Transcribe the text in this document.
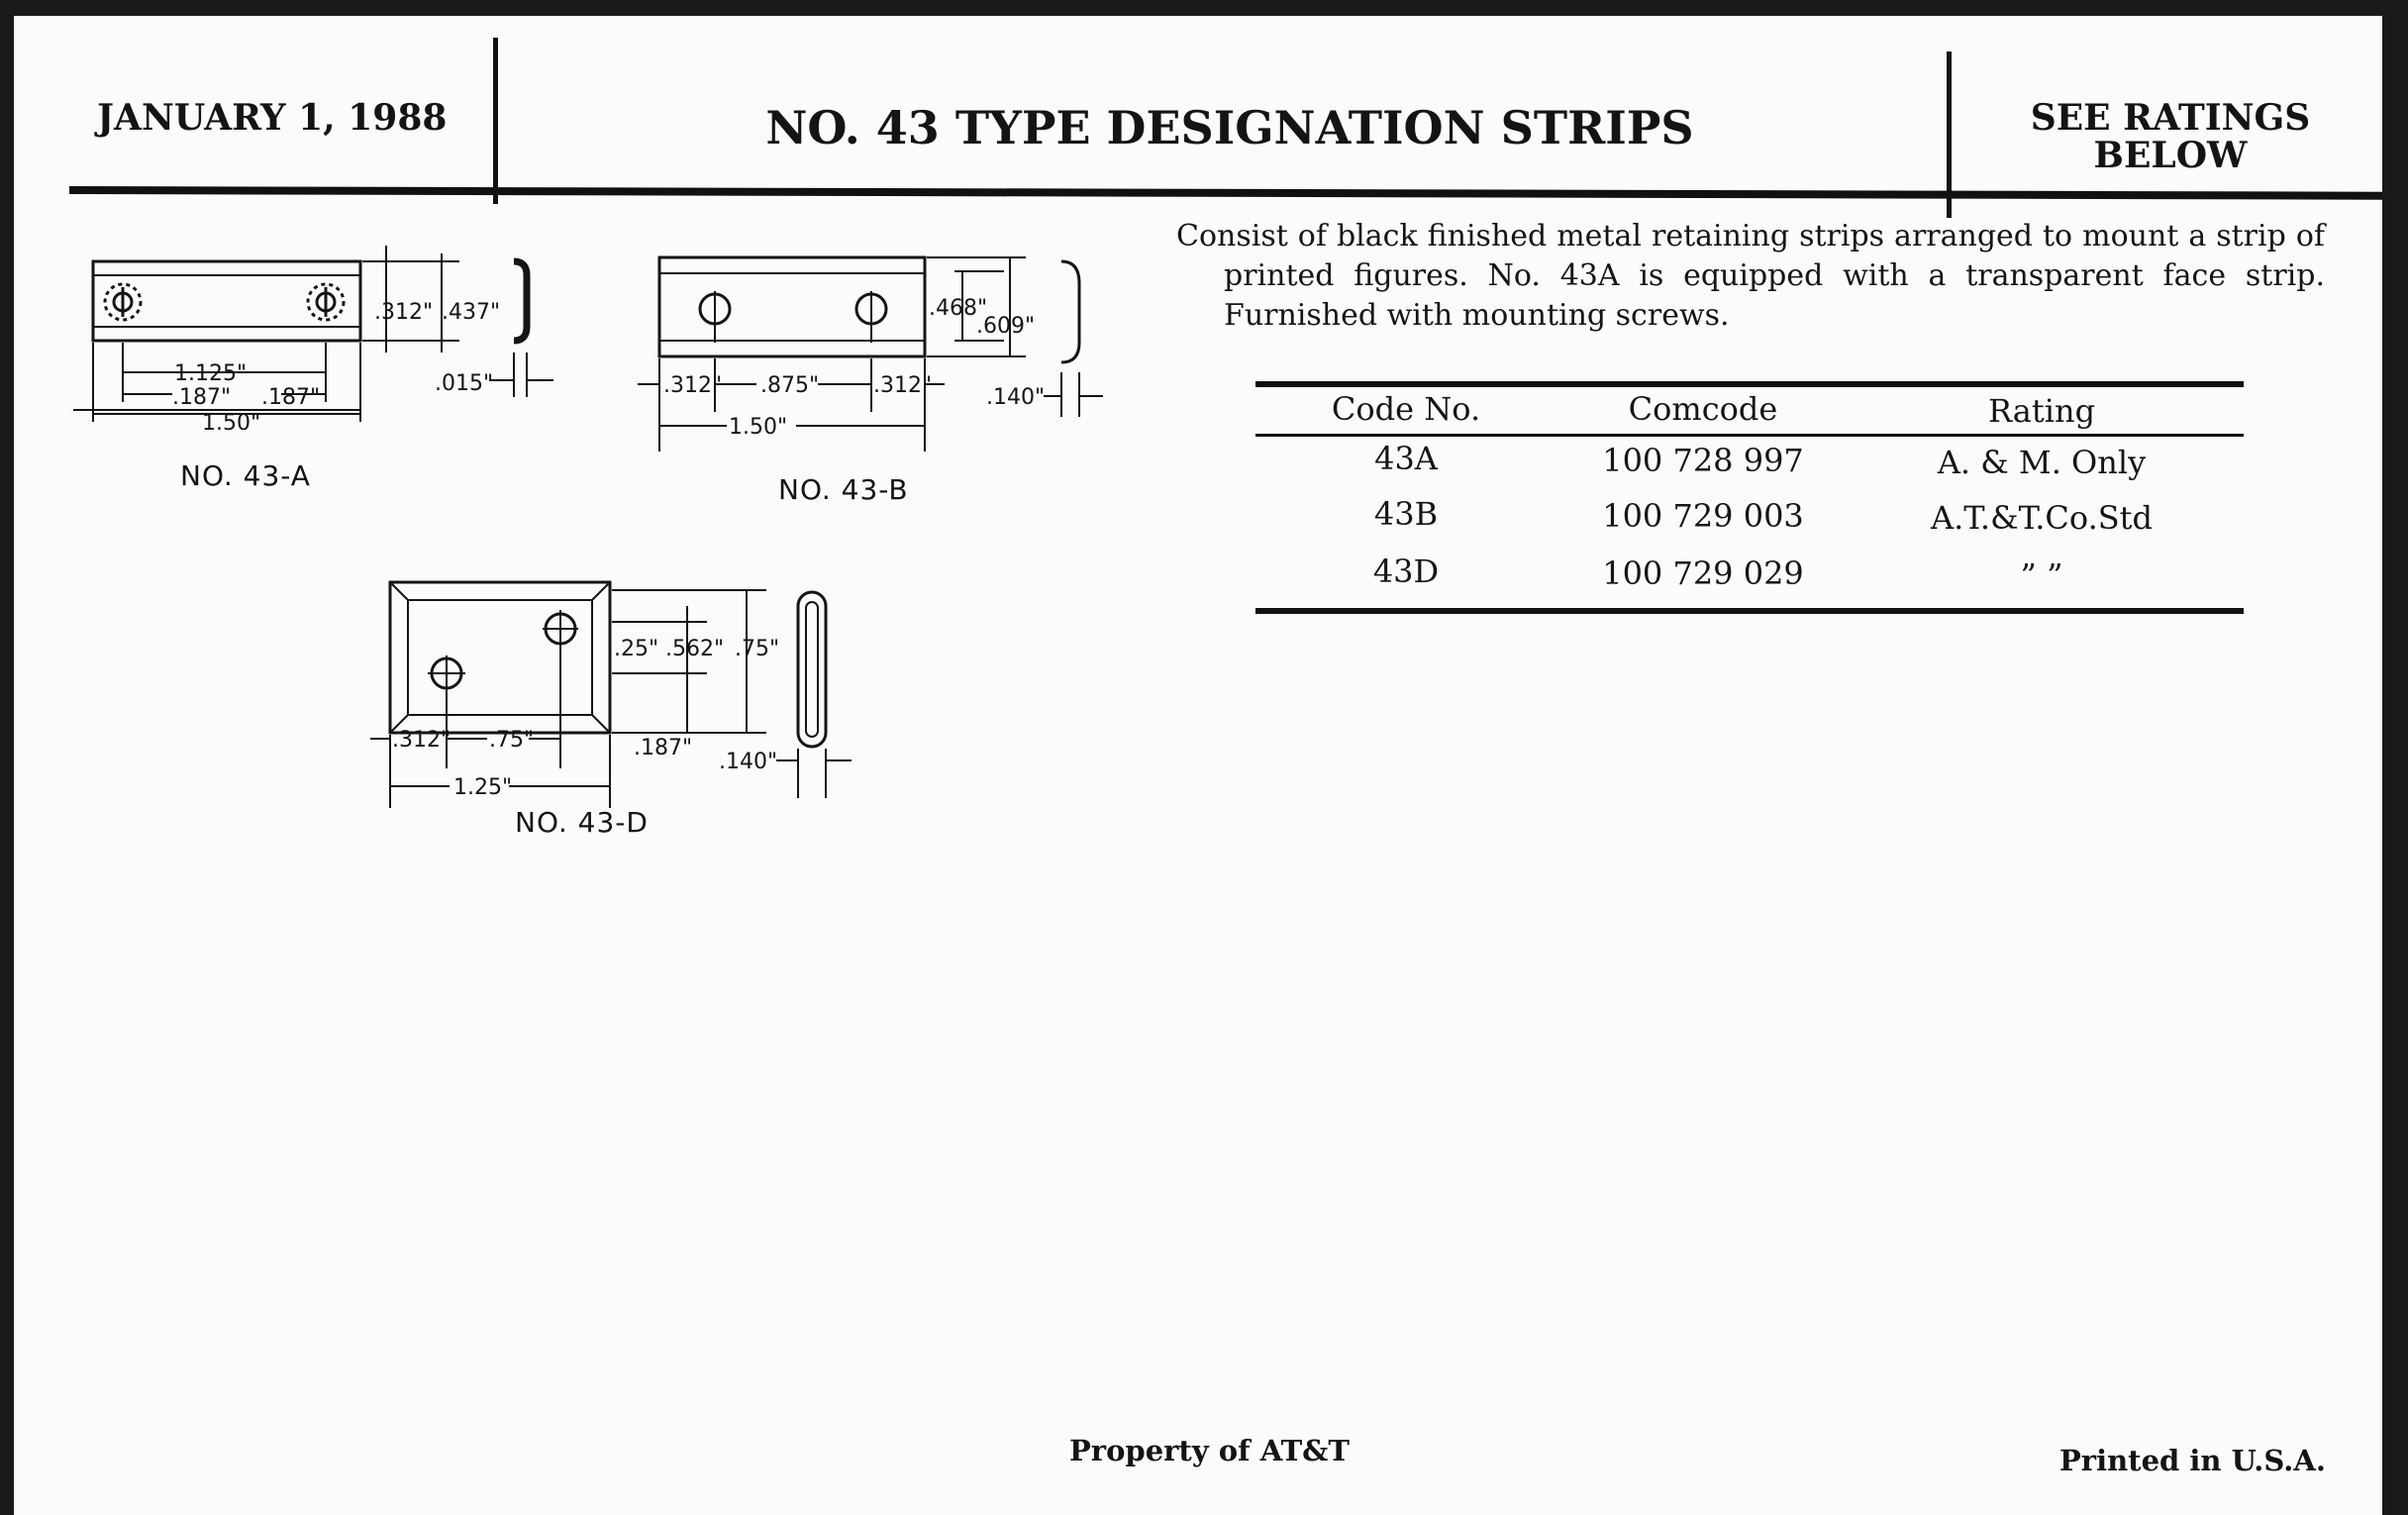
JANUARY 1, 1988	NO. 43 TYPE DESIGNATION STRIPS	SEE RATINGS
BELOW
Consist of black finished metal retaining strips arranged to mount a strip of printed figures. No. 43A is equipped with a transparent face strip. Furnished with mounting screws.
Code No.	Comcode	Rating
43A	100 728 997	A. & M. Only
43B	100 729 003	A.T.&T.Co.Std
43D	100 729 029	” ”
.312" .437"
1.125"
.187" .187"
1.50"
.015"
NO. 43-A
.468"
.609"
.312" .875" .312"
1.50"
.140"
NO. 43-B
.25" .562" .75"
.312" .75"
1.25"
.187"
.140"
NO. 43-D
Property of AT&T	Printed in U.S.A.
